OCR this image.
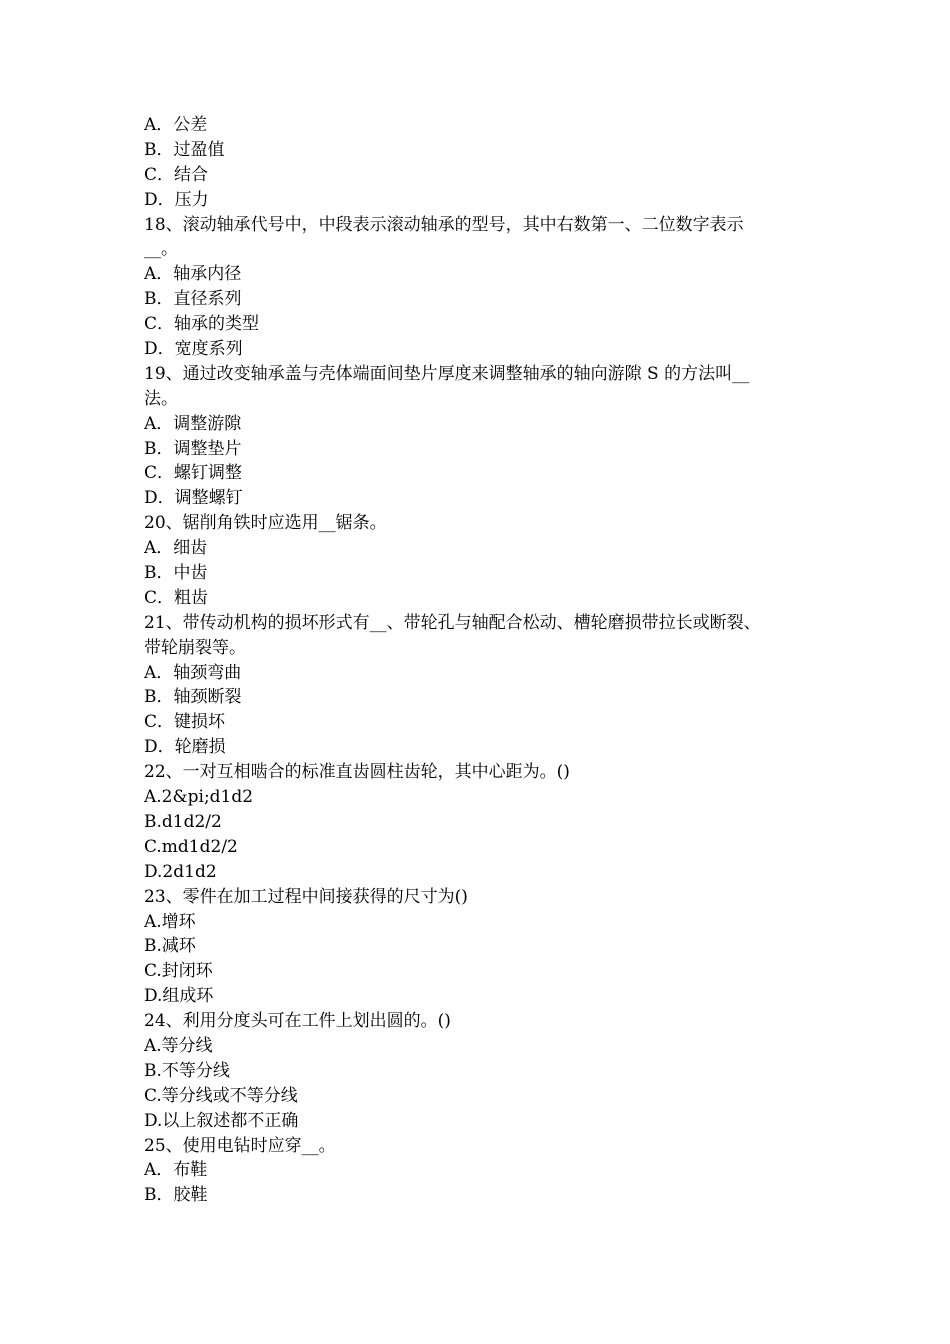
A．公差
B．过盈值
C．结合
D．压力
18、滚动轴承代号中，中段表示滚动轴承的型号，其中右数第一、二位数字表示
__。
A．轴承内径
B．直径系列
C．轴承的类型
D．宽度系列
19、通过改变轴承盖与壳体端面间垫片厚度来调整轴承的轴向游隙 S 的方法叫__
法。
A．调整游隙
B．调整垫片
C．螺钉调整
D．调整螺钉
20、锯削角铁时应选用__锯条。
A．细齿
B．中齿
C．粗齿
21、带传动机构的损坏形式有__、带轮孔与轴配合松动、槽轮磨损带拉长或断裂、
带轮崩裂等。
A．轴颈弯曲
B．轴颈断裂
C．键损坏
D．轮磨损
22、一对互相啮合的标准直齿圆柱齿轮，其中心距为。()
A.2&pi;d1d2
B.d1d2/2
C.md1d2/2
D.2d1d2
23、零件在加工过程中间接获得的尺寸为()
A.增环
B.减环
C.封闭环
D.组成环
24、利用分度头可在工件上划出圆的。()
A.等分线
B.不等分线
C.等分线或不等分线
D.以上叙述都不正确
25、使用电钻时应穿__。
A．布鞋
B．胶鞋
